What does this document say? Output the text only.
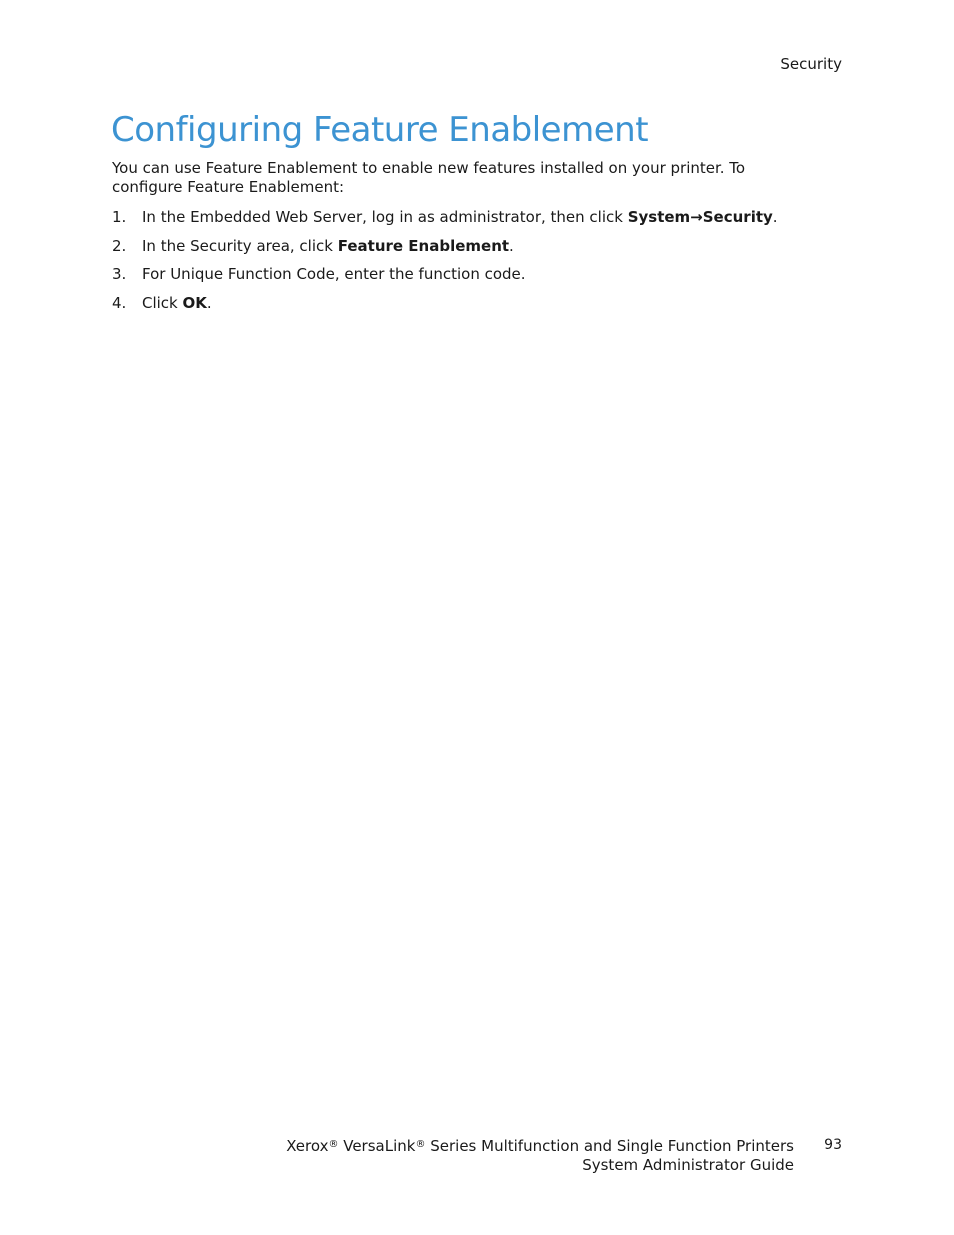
Security
Configuring Feature Enablement

You can use Feature Enablement to enable new features installed on your printer. To configure Feature Enablement:

1. In the Embedded Web Server, log in as administrator, then click System→Security.
2. In the Security area, click Feature Enablement.
3. For Unique Function Code, enter the function code.
4. Click OK.
Xerox® VersaLink® Series Multifunction and Single Function Printers
System Administrator Guide
93
